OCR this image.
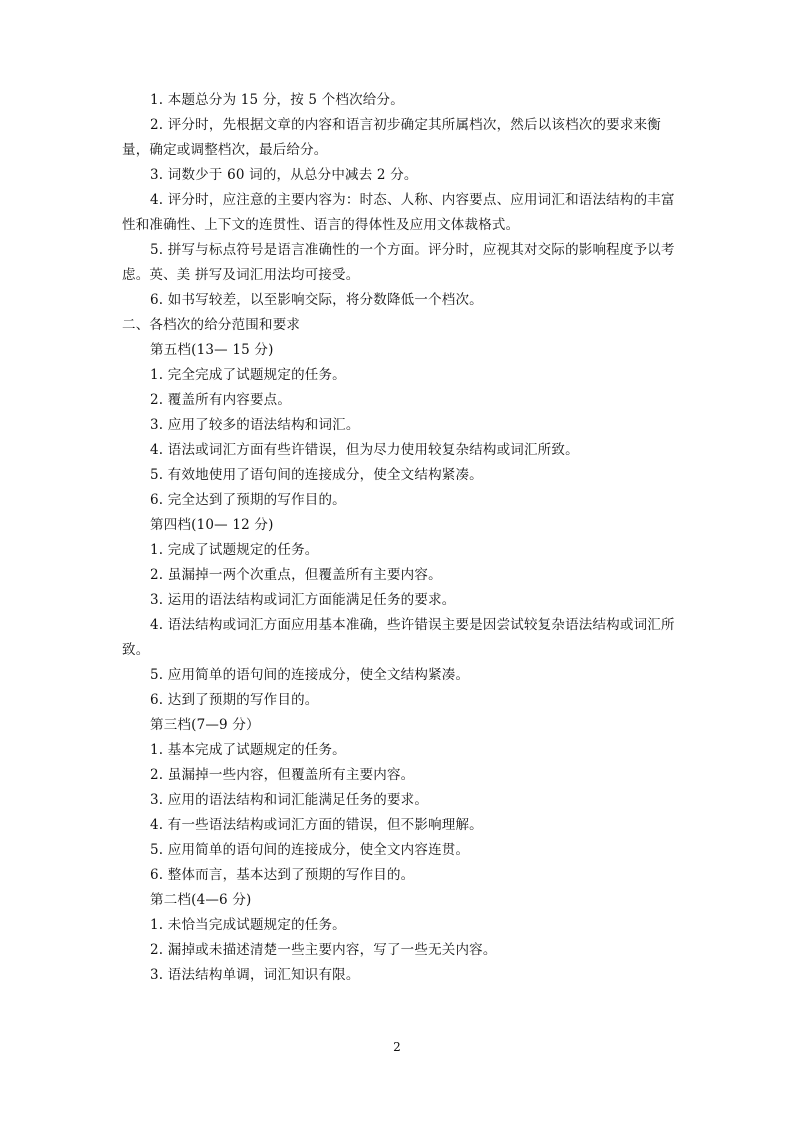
1. 本题总分为 15 分，按 5 个档次给分。

2. 评分时，先根据文章的内容和语言初步确定其所属档次，然后以该档次的要求来衡量，确定或调整档次，最后给分。

3. 词数少于 60 词的，从总分中减去 2 分。

4. 评分时，应注意的主要内容为：时态、人称、内容要点、应用词汇和语法结构的丰富性和准确性、上下文的连贯性、语言的得体性及应用文体裁格式。

5. 拼写与标点符号是语言准确性的一个方面。评分时，应视其对交际的影响程度予以考虑。英、美 拼写及词汇用法均可接受。

6. 如书写较差，以至影响交际，将分数降低一个档次。

二、各档次的给分范围和要求

第五档(13— 15 分)

1. 完全完成了试题规定的任务。

2. 覆盖所有内容要点。

3. 应用了较多的语法结构和词汇。

4. 语法或词汇方面有些许错误，但为尽力使用较复杂结构或词汇所致。

5. 有效地使用了语句间的连接成分，使全文结构紧凑。

6. 完全达到了预期的写作目的。

第四档(10— 12 分)

1. 完成了试题规定的任务。

2. 虽漏掉一两个次重点，但覆盖所有主要内容。

3. 运用的语法结构或词汇方面能满足任务的要求。

4. 语法结构或词汇方面应用基本准确，些许错误主要是因尝试较复杂语法结构或词汇所致。

5. 应用简单的语句间的连接成分，使全文结构紧凑。

6. 达到了预期的写作目的。

第三档(7—9 分）

1. 基本完成了试题规定的任务。

2. 虽漏掉一些内容，但覆盖所有主要内容。

3. 应用的语法结构和词汇能满足任务的要求。

4. 有一些语法结构或词汇方面的错误，但不影响理解。

5. 应用简单的语句间的连接成分，使全文内容连贯。

6. 整体而言，基本达到了预期的写作目的。

第二档(4—6 分)

1. 未恰当完成试题规定的任务。

2. 漏掉或未描述清楚一些主要内容，写了一些无关内容。

3. 语法结构单调，词汇知识有限。

2
